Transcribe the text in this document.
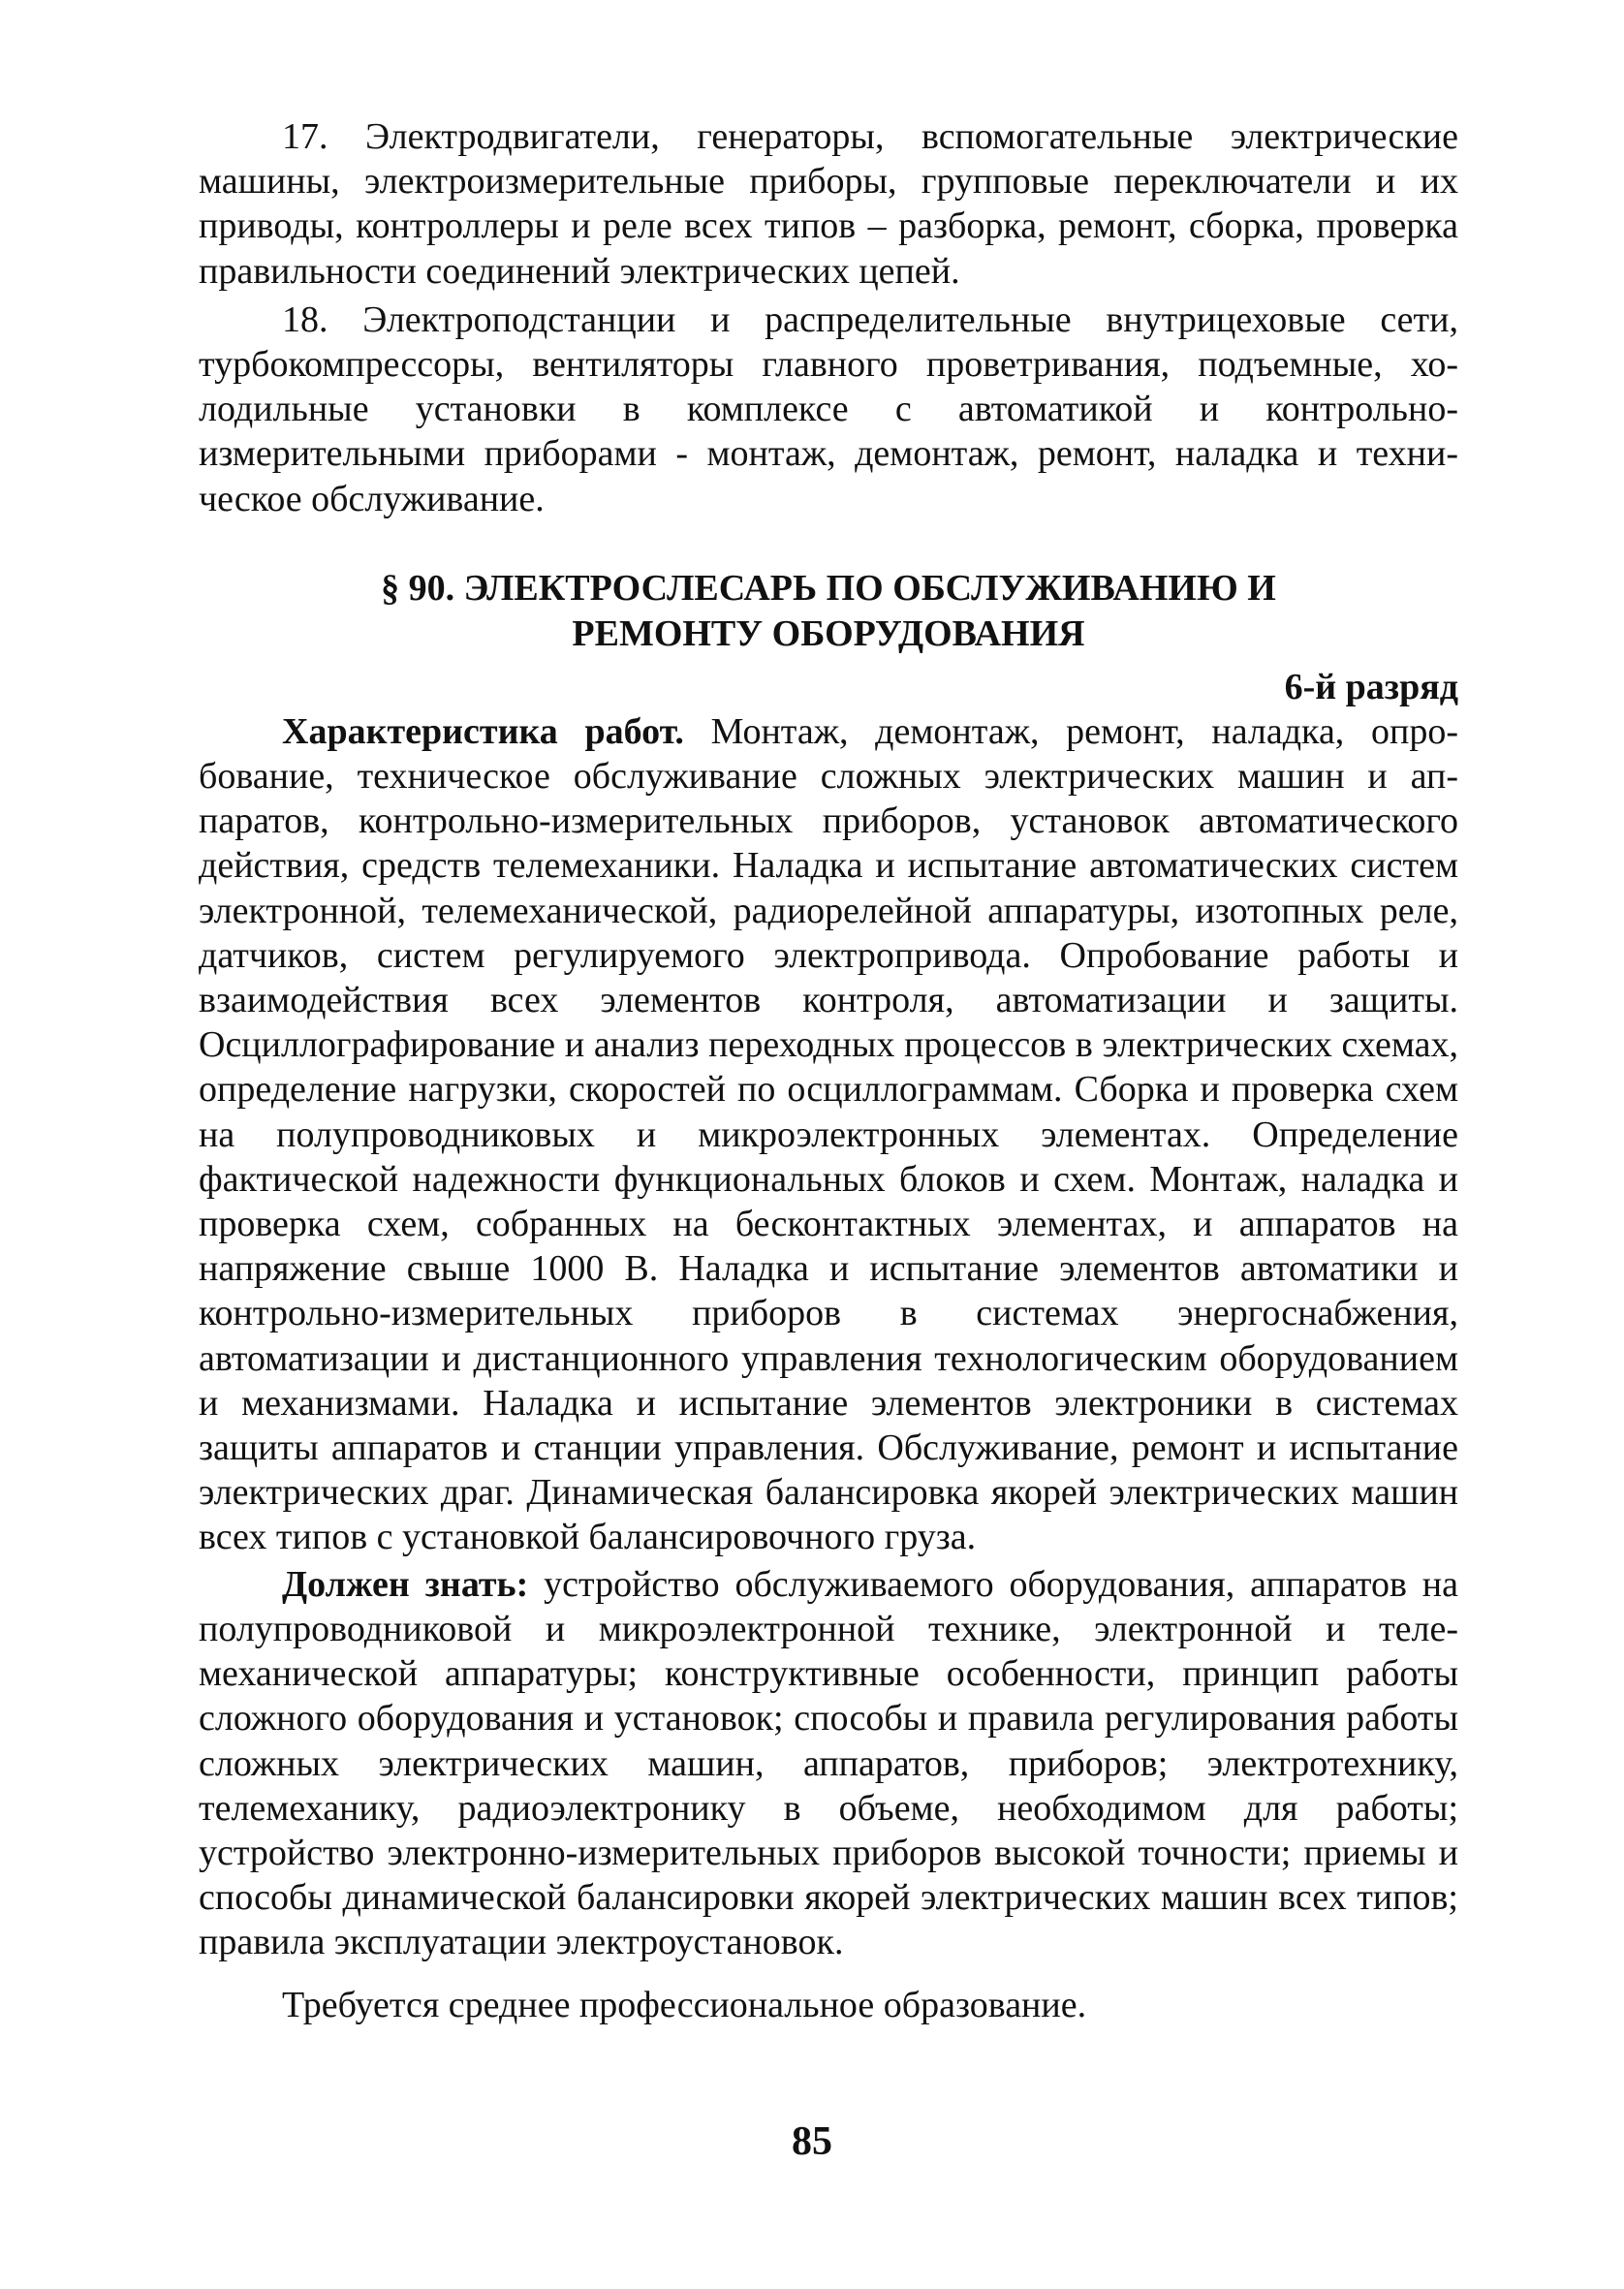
17. Электродвигатели, генераторы, вспомогательные электрические машины, электроизмерительные приборы, групповые переключатели и их приводы, контроллеры и реле всех типов – разборка, ремонт, сборка, проверка правильности соединений электрических цепей.

18. Электроподстанции и распределительные внутрицеховые сети, турбокомпрессоры, вентиляторы главного проветривания, подъемные, холодильные установки в комплексе с автоматикой и контрольно-измерительными приборами - монтаж, демонтаж, ремонт, наладка и техническое обслуживание.

§ 90. ЭЛЕКТРОСЛЕСАРЬ ПО ОБСЛУЖИВАНИЮ И
РЕМОНТУ ОБОРУДОВАНИЯ
6-й разряд

Характеристика работ. Монтаж, демонтаж, ремонт, наладка, опробование, техническое обслуживание сложных электрических машин и аппаратов, контрольно-измерительных приборов, установок автоматического действия, средств телемеханики. Наладка и испытание автоматических систем электронной, телемеханической, радиорелейной аппаратуры, изотопных реле, датчиков, систем регулируемого электропривода. Опробование работы и взаимодействия всех элементов контроля, автоматизации и защиты. Осциллографирование и анализ переходных процессов в электрических схемах, определение нагрузки, скоростей по осциллограммам. Сборка и проверка схем на полупроводниковых и микроэлектронных элементах. Определение фактической надежности функциональных блоков и схем. Монтаж, наладка и проверка схем, собранных на бесконтактных элементах, и аппаратов на напряжение свыше 1000 В. Наладка и испытание элементов автоматики и контрольно-измерительных приборов в системах энергоснабжения, автоматизации и дистанционного управления технологическим оборудованием и механизмами. Наладка и испытание элементов электроники в системах защиты аппаратов и станции управления. Обслуживание, ремонт и испытание электрических драг. Динамическая балансировка якорей электрических машин всех типов с установкой балансировочного груза.

Должен знать: устройство обслуживаемого оборудования, аппаратов на полупроводниковой и микроэлектронной технике, электронной и телемеханической аппаратуры; конструктивные особенности, принцип работы сложного оборудования и установок; способы и правила регулирования работы сложных электрических машин, аппаратов, приборов; электротехнику, телемеханику, радиоэлектронику в объеме, необходимом для работы; устройство электронно-измерительных приборов высокой точности; приемы и способы динамической балансировки якорей электрических машин всех типов; правила эксплуатации электроустановок.

Требуется среднее профессиональное образование.

85
